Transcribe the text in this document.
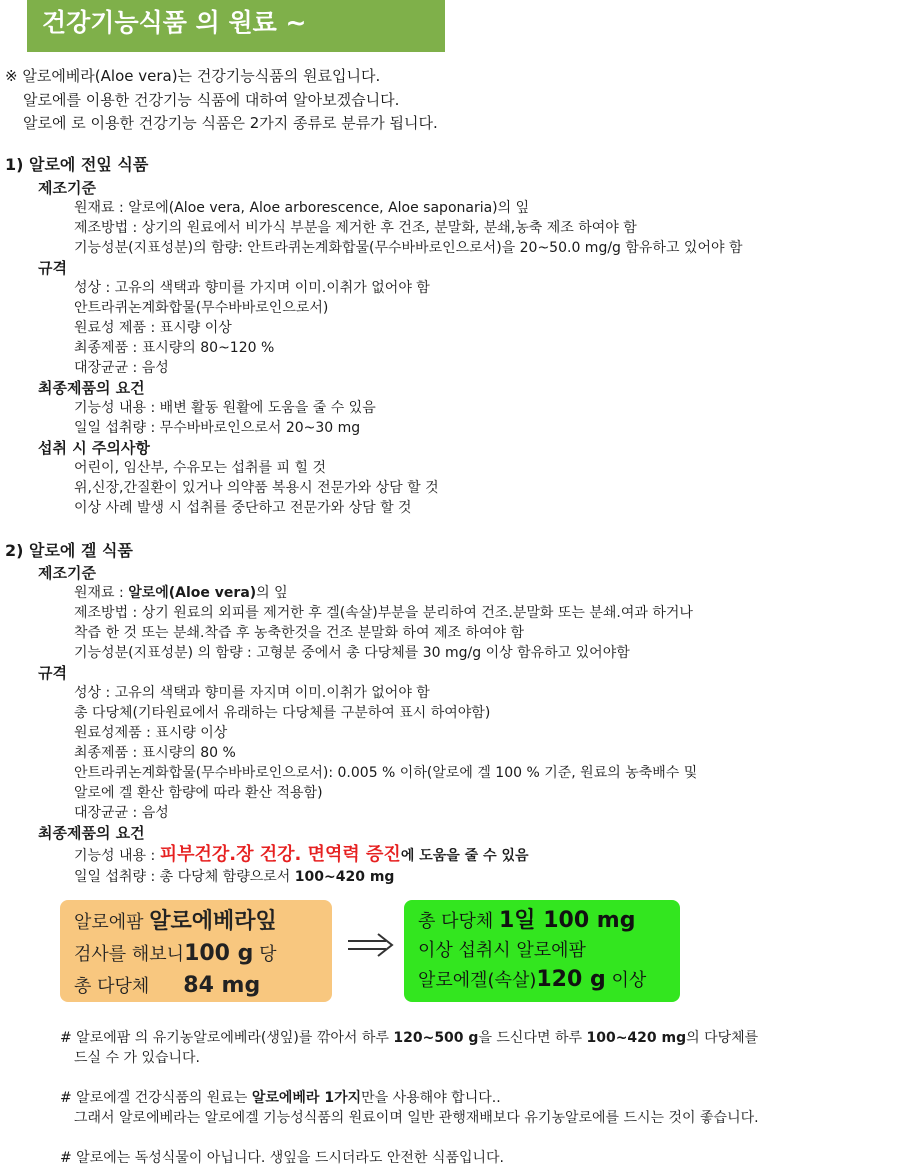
건강기능식품 의 원료 ~
※ 알로에베라(Aloe vera)는 건강기능식품의 원료입니다.
알로에를 이용한 건강기능 식품에 대하여 알아보겠습니다.
알로에 로 이용한 건강기능 식품은 2가지 종류로 분류가 됩니다.
1) 알로에 전잎 식품
제조기준
원재료 : 알로에(Aloe vera, Aloe arborescence, Aloe saponaria)의 잎
제조방법 : 상기의 원료에서 비가식 부분을 제거한 후 건조, 분말화, 분쇄,농축 제조 하여야 함
기능성분(지표성분)의 함량: 안트라퀴논계화합물(무수바바로인으로서)을 20~50.0 mg/g 함유하고 있어야 함
규격
성상 : 고유의 색택과 향미를 가지며 이미.이취가 없어야 함
안트라퀴논계화합물(무수바바로인으로서)
원료성 제품 : 표시량 이상
최종제품 : 표시량의 80~120 %
대장균균 : 음성
최종제품의 요건
기능성 내용 : 배변 활동 원활에 도움을 줄 수 있음
일일 섭취량 : 무수바바로인으로서 20~30 mg
섭취 시 주의사항
어린이, 임산부, 수유모는 섭취를 피 힐 것
위,신장,간질환이 있거나 의약품 복용시 전문가와 상담 할 것
이상 사례 발생 시 섭취를 중단하고 전문가와 상담 할 것
2) 알로에 겔 식품
제조기준
원재료 : 알로에(Aloe vera)의 잎
제조방법 : 상기 원료의 외피를 제거한 후 겔(속살)부분을 분리하여 건조.분말화 또는 분쇄.여과 하거나
착즙 한 것 또는 분쇄.착즙 후 농축한것을 건조 분말화 하여 제조 하여야 함
기능성분(지표성분) 의 함량 : 고형분 중에서 총 다당체를 30 mg/g 이상 함유하고 있어야함
규격
성상 : 고유의 색택과 향미를 자지며 이미.이취가 없어야 함
총 다당체(기타원료에서 유래하는 다당체를 구분하여 표시 하여야함)
원료성제품 : 표시량 이상
최종제품 : 표시량의 80 %
안트라퀴논계화합물(무수바바로인으로서): 0.005 % 이하(알로에 겔 100 % 기준, 원료의 농축배수 및
알로에 겔 환산 함량에 따라 환산 적용함)
대장균균 : 음성
최종제품의 요건
기능성 내용 : 피부건강.장 건강. 면역력 증진에 도움을 줄 수 있음
일일 섭취량 : 총 다당체 함량으로서 100~420 mg
알로에팜 알로에베라잎
검사를 해보니100 g 당
총 다당체 84 mg
총 다당체 1일 100 mg
이상 섭취시 알로에팜
알로에겔(속살)120 g 이상
# 알로에팜 의 유기농알로에베라(생잎)를 깎아서 하루 120~500 g을 드신다면 하루 100~420 mg의 다당체를
드실 수 가 있습니다.
# 알로에겔 건강식품의 원료는 알로에베라 1가지만을 사용해야 합니다..
그래서 알로에베라는 알로에겔 기능성식품의 원료이며 일반 관행재배보다 유기농알로에를 드시는 것이 좋습니다.
# 알로에는 독성식물이 아닙니다. 생잎을 드시더라도 안전한 식품입니다.
